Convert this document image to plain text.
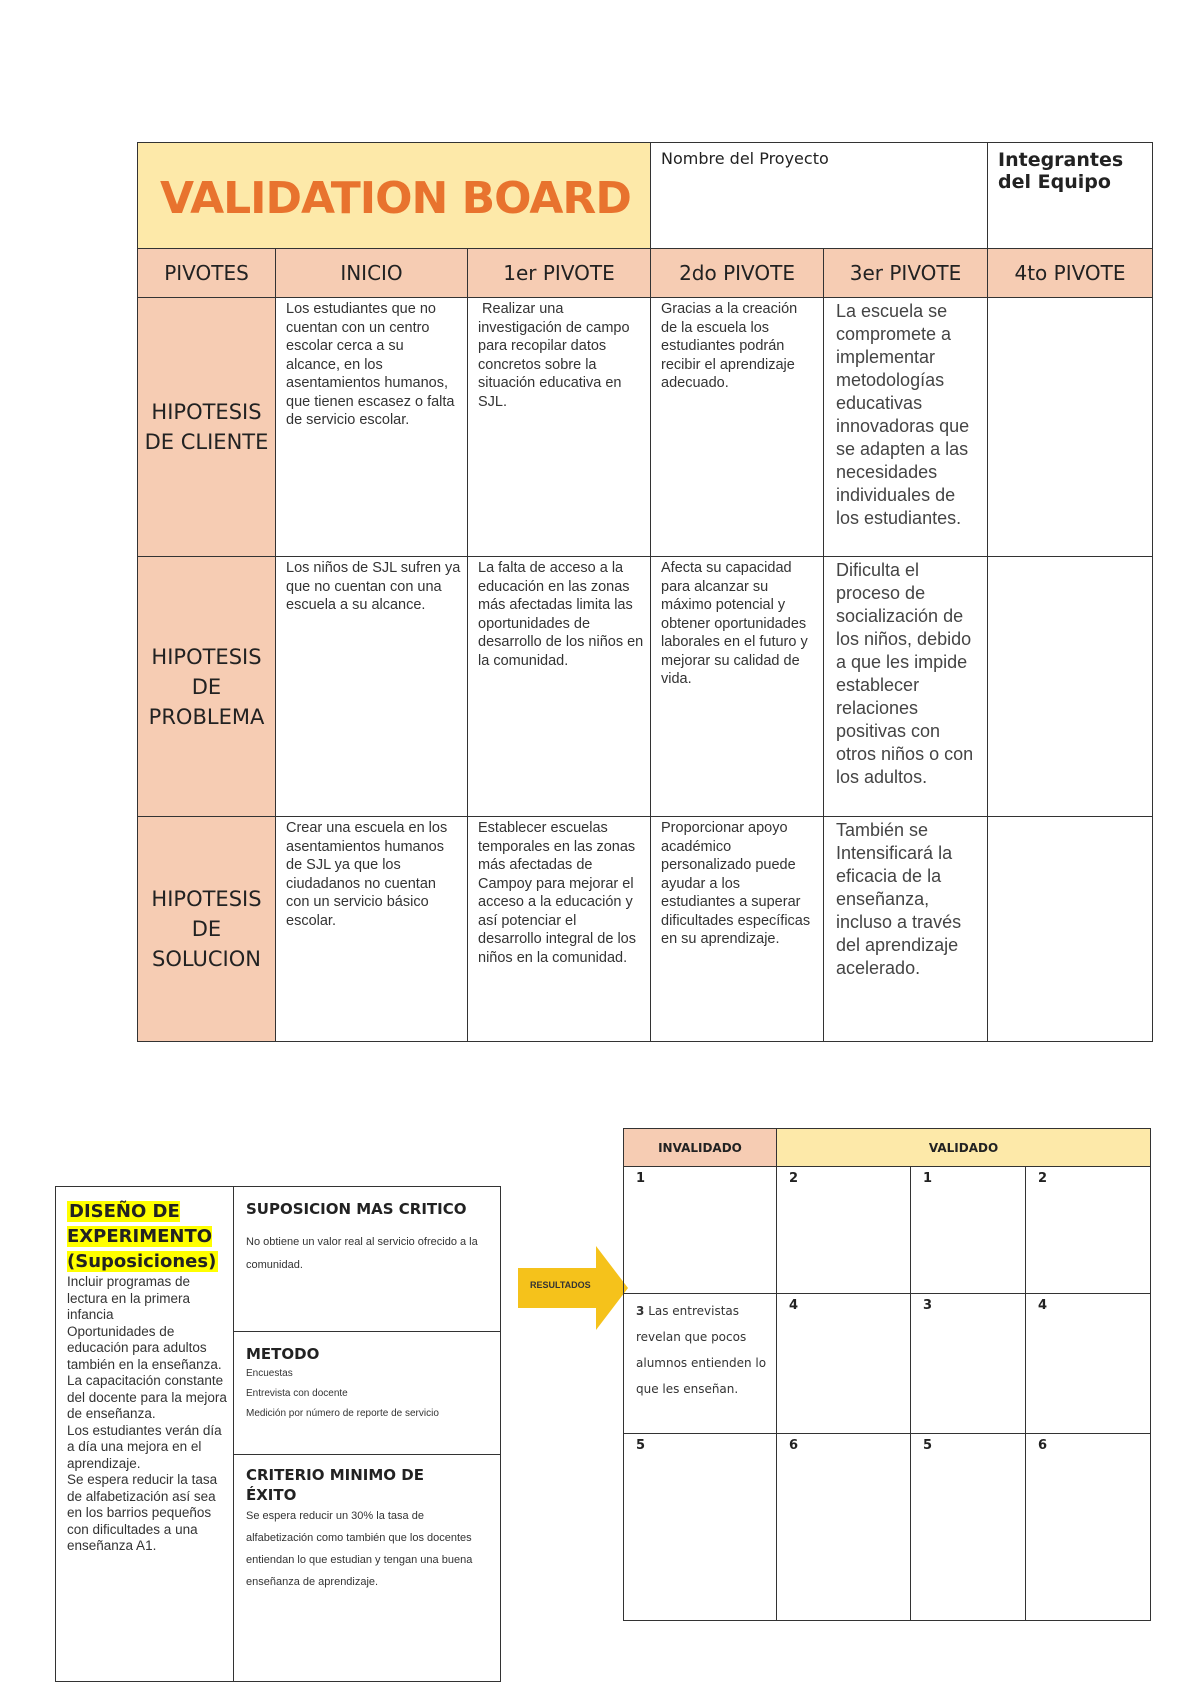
VALIDATION BOARD			Nombre del Proyecto		Integrantes del Equipo
PIVOTES	INICIO	1er PIVOTE	2do PIVOTE	3er PIVOTE	4to PIVOTE
HIPOTESIS DE CLIENTE	Los estudiantes que no cuentan con un centro escolar cerca a su alcance, en los asentamientos humanos, que tienen escasez o falta de servicio escolar.	Realizar una investigación de campo para recopilar datos concretos sobre la situación educativa en SJL.	Gracias a la creación de la escuela los estudiantes podrán recibir el aprendizaje adecuado.	La escuela se compromete a implementar metodologías educativas innovadoras que se adapten a las necesidades individuales de los estudiantes.	
HIPOTESIS DE PROBLEMA	Los niños de SJL sufren ya que no cuentan con una escuela a su alcance.	La falta de acceso a la educación en las zonas más afectadas limita las oportunidades de desarrollo de los niños en la comunidad.	Afecta su capacidad para alcanzar su máximo potencial y obtener oportunidades laborales en el futuro y mejorar su calidad de vida.	Dificulta el proceso de socialización de los niños, debido a que les impide establecer relaciones positivas con otros niños o con los adultos.	
HIPOTESIS DE SOLUCION	Crear una escuela en los asentamientos humanos de SJL ya que los ciudadanos no cuentan con un servicio básico escolar.	Establecer escuelas temporales en las zonas más afectadas de Campoy para mejorar el acceso a la educación y así potenciar el desarrollo integral de los niños en la comunidad.	Proporcionar apoyo académico personalizado puede ayudar a los estudiantes a superar dificultades específicas en su aprendizaje.	También se Intensificará la eficacia de la enseñanza, incluso a través del aprendizaje acelerado.	
DISEÑO DE EXPERIMENTO (Suposiciones)
Incluir programas de lectura en la primera infancia
Oportunidades de educación para adultos también en la enseñanza.
La capacitación constante del docente para la mejora de enseñanza.
Los estudiantes verán día a día una mejora en el aprendizaje.
Se espera reducir la tasa de alfabetización así sea en los barrios pequeños con dificultades a una enseñanza A1.

SUPOSICION MAS CRITICO
No obtiene un valor real al servicio ofrecido a la comunidad.

METODO
Encuestas
Entrevista con docente
Medición por número de reporte de servicio

CRITERIO MINIMO DE ÉXITO
Se espera reducir un 30% la tasa de alfabetización como también que los docentes entiendan lo que estudian y tengan una buena enseñanza de aprendizaje.
RESULTADOS
INVALIDADO	VALIDADO		
1	2	1	2

3 Las entrevistas revelan que pocos alumnos entienden lo que les enseñan.	4	3	4
5	6	5	6
